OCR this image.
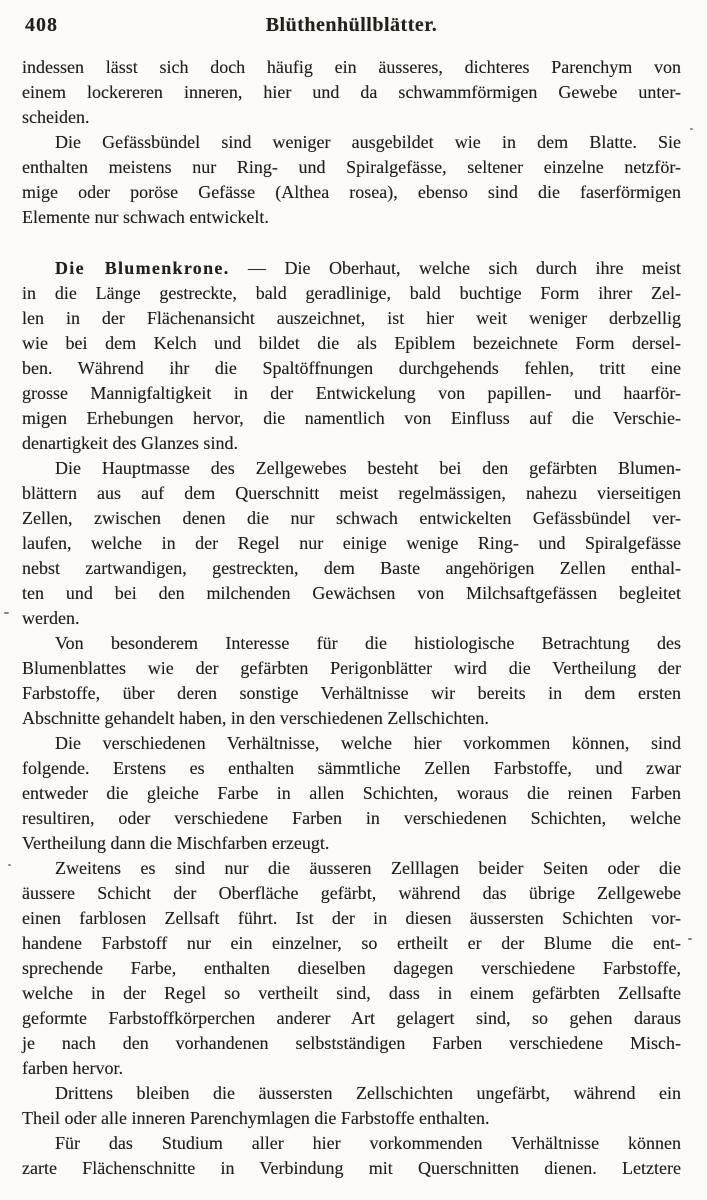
408	Blüthenhüllblätter.
indessen lässt sich doch häufig ein äusseres, dichteres Parenchym von
einem lockereren inneren, hier und da schwammförmigen Gewebe unter-
scheiden.
Die Gefässbündel sind weniger ausgebildet wie in dem Blatte. Sie
enthalten meistens nur Ring- und Spiralgefässe, seltener einzelne netzför-
mige oder poröse Gefässe (Althea rosea), ebenso sind die faserförmigen
Elemente nur schwach entwickelt.
Die Blumenkrone. — Die Oberhaut, welche sich durch ihre meist
in die Länge gestreckte, bald geradlinige, bald buchtige Form ihrer Zel-
len in der Flächenansicht auszeichnet, ist hier weit weniger derbzellig
wie bei dem Kelch und bildet die als Epiblem bezeichnete Form dersel-
ben. Während ihr die Spaltöffnungen durchgehends fehlen, tritt eine
grosse Mannigfaltigkeit in der Entwickelung von papillen- und haarför-
migen Erhebungen hervor, die namentlich von Einfluss auf die Verschie-
denartigkeit des Glanzes sind.
Die Hauptmasse des Zellgewebes besteht bei den gefärbten Blumen-
blättern aus auf dem Querschnitt meist regelmässigen, nahezu vierseitigen
Zellen, zwischen denen die nur schwach entwickelten Gefässbündel ver-
laufen, welche in der Regel nur einige wenige Ring- und Spiralgefässe
nebst zartwandigen, gestreckten, dem Baste angehörigen Zellen enthal-
ten und bei den milchenden Gewächsen von Milchsaftgefässen begleitet
werden.
Von besonderem Interesse für die histiologische Betrachtung des
Blumenblattes wie der gefärbten Perigonblätter wird die Vertheilung der
Farbstoffe, über deren sonstige Verhältnisse wir bereits in dem ersten
Abschnitte gehandelt haben, in den verschiedenen Zellschichten.
Die verschiedenen Verhältnisse, welche hier vorkommen können, sind
folgende. Erstens es enthalten sämmtliche Zellen Farbstoffe, und zwar
entweder die gleiche Farbe in allen Schichten, woraus die reinen Farben
resultiren, oder verschiedene Farben in verschiedenen Schichten, welche
Vertheilung dann die Mischfarben erzeugt.
Zweitens es sind nur die äusseren Zelllagen beider Seiten oder die
äussere Schicht der Oberfläche gefärbt, während das übrige Zellgewebe
einen farblosen Zellsaft führt. Ist der in diesen äussersten Schichten vor-
handene Farbstoff nur ein einzelner, so ertheilt er der Blume die ent-
sprechende Farbe, enthalten dieselben dagegen verschiedene Farbstoffe,
welche in der Regel so vertheilt sind, dass in einem gefärbten Zellsafte
geformte Farbstoffkörperchen anderer Art gelagert sind, so gehen daraus
je nach den vorhandenen selbstständigen Farben verschiedene Misch-
farben hervor.
Drittens bleiben die äussersten Zellschichten ungefärbt, während ein
Theil oder alle inneren Parenchymlagen die Farbstoffe enthalten.
Für das Studium aller hier vorkommenden Verhältnisse können
zarte Flächenschnitte in Verbindung mit Querschnitten dienen. Letztere
